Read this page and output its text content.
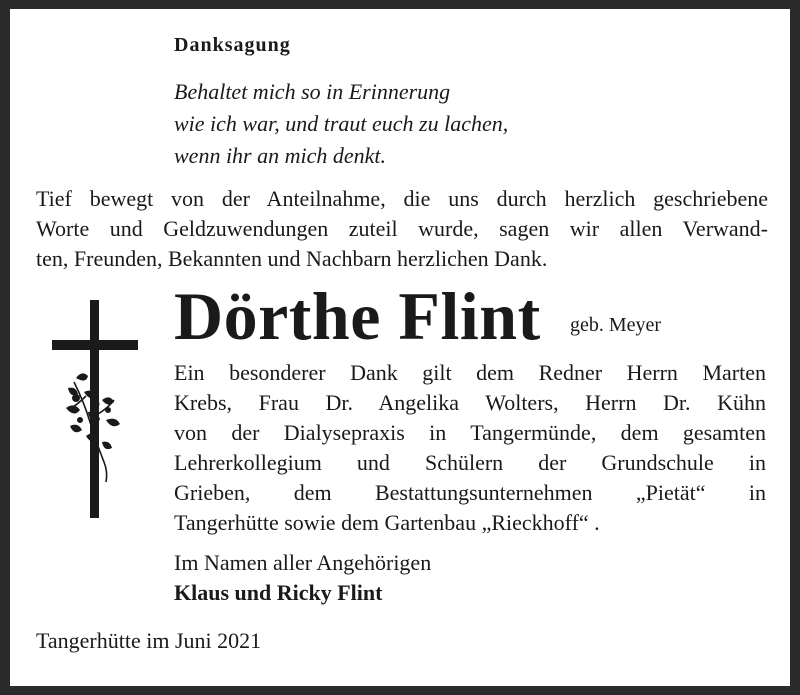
Danksagung
Behaltet mich so in Erinnerung
wie ich war, und traut euch zu lachen,
wenn ihr an mich denkt.
Tief bewegt von der Anteilnahme, die uns durch herzlich geschriebene
Worte und Geldzuwendungen zuteil wurde, sagen wir allen Verwand-
ten, Freunden, Bekannten und Nachbarn herzlichen Dank.
Dörthe Flint geb. Meyer
Ein besonderer Dank gilt dem Redner Herrn Marten
Krebs, Frau Dr. Angelika Wolters, Herrn Dr. Kühn
von der Dialysepraxis in Tangermünde, dem gesamten
Lehrerkollegium und Schülern der Grundschule in
Grieben, dem Bestattungsunternehmen „Pietät“ in
Tangerhütte sowie dem Gartenbau „Rieckhoff“ .
Im Namen aller Angehörigen
Klaus und Ricky Flint
Tangerhütte im Juni 2021
